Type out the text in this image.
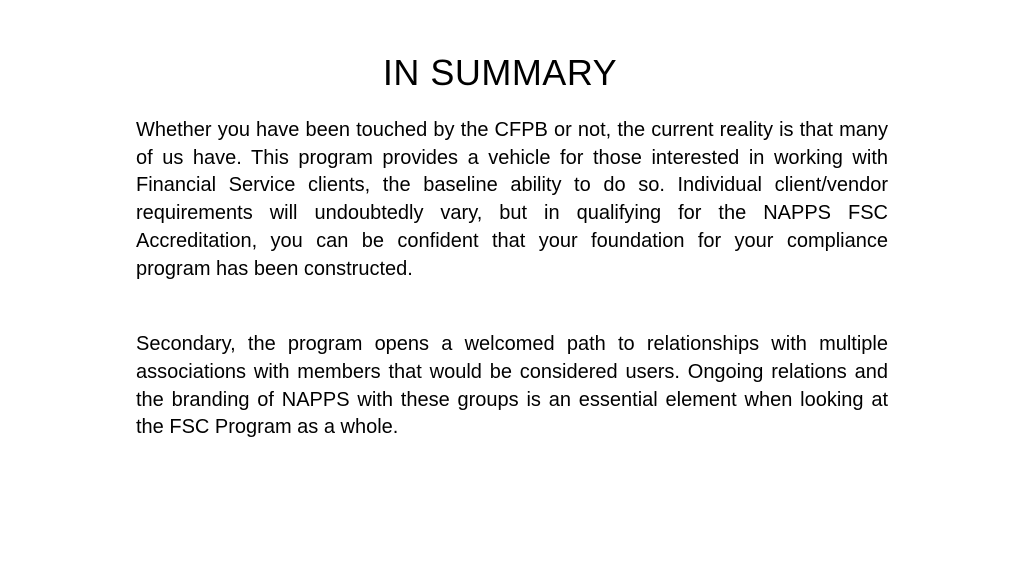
IN SUMMARY

Whether you have been touched by the CFPB or not, the current reality is that many of us have. This program provides a vehicle for those interested in working with Financial Service clients, the baseline ability to do so. Individual client/vendor requirements will undoubtedly vary, but in qualifying for the NAPPS FSC Accreditation, you can be confident that your foundation for your compliance program has been constructed.

Secondary, the program opens a welcomed path to relationships with multiple associations with members that would be considered users. Ongoing relations and the branding of NAPPS with these groups is an essential element when looking at the FSC Program as a whole.
